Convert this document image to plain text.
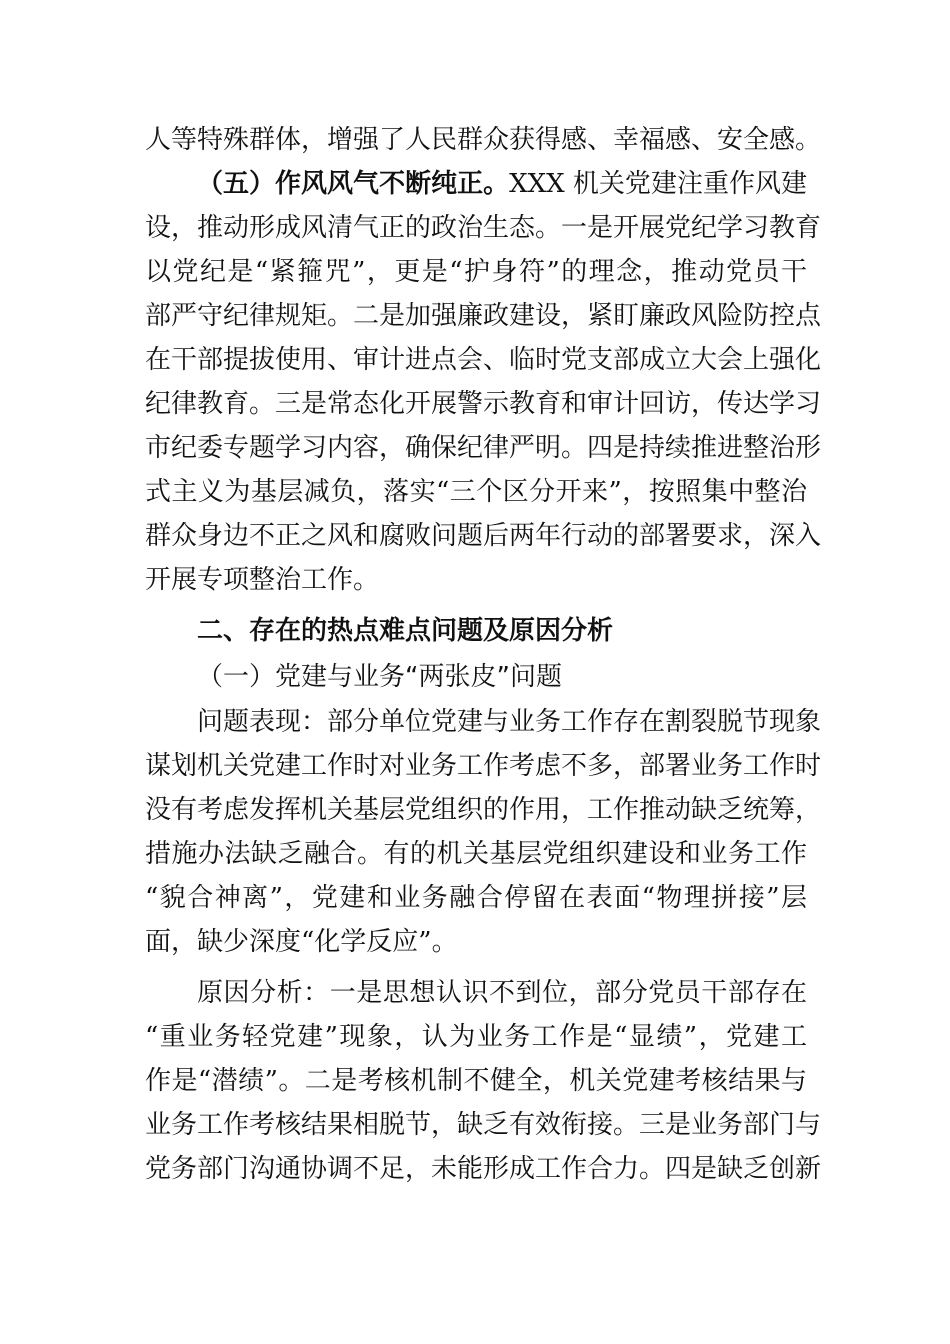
人等特殊群体，增强了人民群众获得感、幸福感、安全感。
（五）作风风气不断纯正。XXX 机关党建注重作风建
设，推动形成风清气正的政治生态。一是开展党纪学习教育
以党纪是“紧箍咒”，更是“护身符”的理念，推动党员干
部严守纪律规矩。二是加强廉政建设，紧盯廉政风险防控点
在干部提拔使用、审计进点会、临时党支部成立大会上强化
纪律教育。三是常态化开展警示教育和审计回访，传达学习
市纪委专题学习内容，确保纪律严明。四是持续推进整治形
式主义为基层减负，落实“三个区分开来”，按照集中整治
群众身边不正之风和腐败问题后两年行动的部署要求，深入
开展专项整治工作。
二、存在的热点难点问题及原因分析
（一）党建与业务“两张皮”问题
问题表现：部分单位党建与业务工作存在割裂脱节现象
谋划机关党建工作时对业务工作考虑不多，部署业务工作时
没有考虑发挥机关基层党组织的作用，工作推动缺乏统筹，
措施办法缺乏融合。有的机关基层党组织建设和业务工作
“貌合神离”，党建和业务融合停留在表面“物理拼接”层
面，缺少深度“化学反应”。
原因分析：一是思想认识不到位，部分党员干部存在
“重业务轻党建”现象，认为业务工作是“显绩”，党建工
作是“潜绩”。二是考核机制不健全，机关党建考核结果与
业务工作考核结果相脱节，缺乏有效衔接。三是业务部门与
党务部门沟通协调不足，未能形成工作合力。四是缺乏创新
